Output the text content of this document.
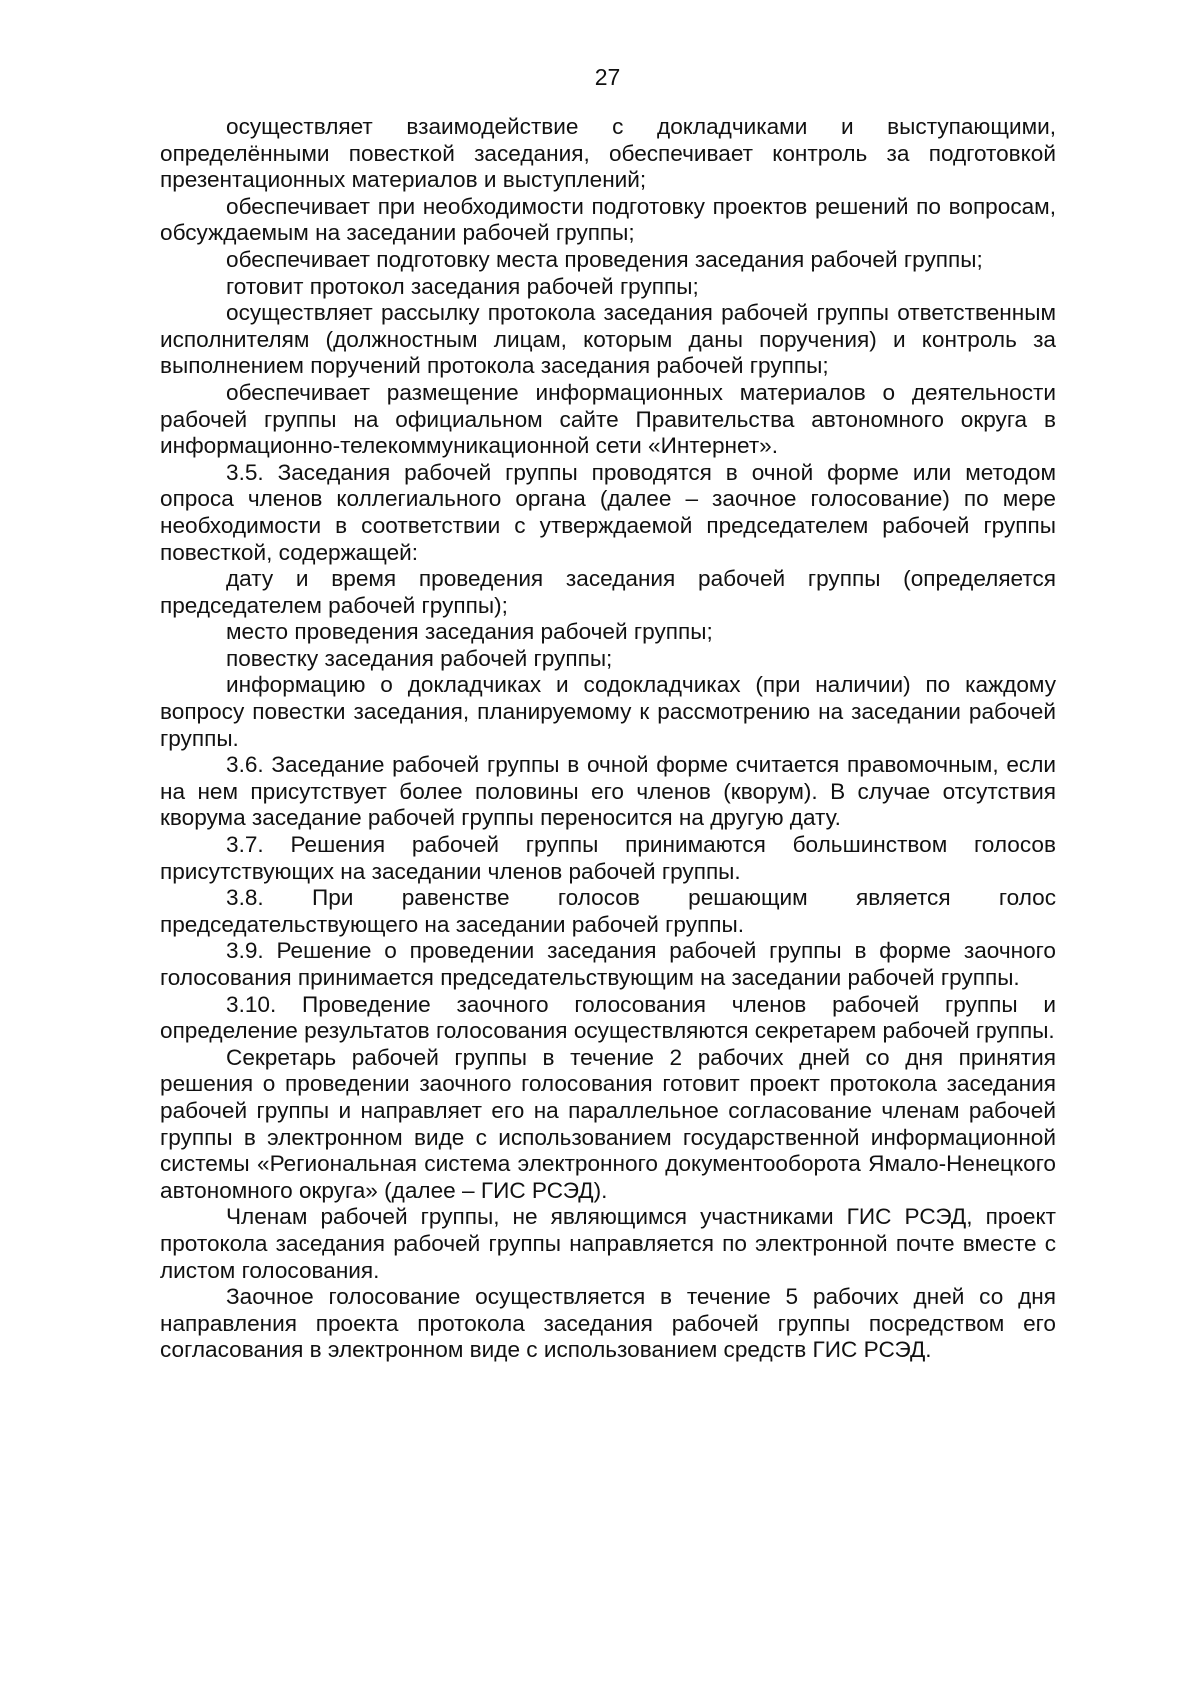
27

осуществляет взаимодействие с докладчиками и выступающими, определёнными повесткой заседания, обеспечивает контроль за подготовкой презентационных материалов и выступлений;

обеспечивает при необходимости подготовку проектов решений по вопросам, обсуждаемым на заседании рабочей группы;

обеспечивает подготовку места проведения заседания рабочей группы;

готовит протокол заседания рабочей группы;

осуществляет рассылку протокола заседания рабочей группы ответственным исполнителям (должностным лицам, которым даны поручения) и контроль за выполнением поручений протокола заседания рабочей группы;

обеспечивает размещение информационных материалов о деятельности рабочей группы на официальном сайте Правительства автономного округа в информационно-телекоммуникационной сети «Интернет».

3.5. Заседания рабочей группы проводятся в очной форме или методом опроса членов коллегиального органа (далее – заочное голосование) по мере необходимости в соответствии с утверждаемой председателем рабочей группы повесткой, содержащей:

дату и время проведения заседания рабочей группы (определяется председателем рабочей группы);

место проведения заседания рабочей группы;

повестку заседания рабочей группы;

информацию о докладчиках и содокладчиках (при наличии) по каждому вопросу повестки заседания, планируемому к рассмотрению на заседании рабочей группы.

3.6. Заседание рабочей группы в очной форме считается правомочным, если на нем присутствует более половины его членов (кворум). В случае отсутствия кворума заседание рабочей группы переносится на другую дату.

3.7. Решения рабочей группы принимаются большинством голосов присутствующих на заседании членов рабочей группы.

3.8. При равенстве голосов решающим является голос председательствующего на заседании рабочей группы.

3.9. Решение о проведении заседания рабочей группы в форме заочного голосования принимается председательствующим на заседании рабочей группы.

3.10. Проведение заочного голосования членов рабочей группы и определение результатов голосования осуществляются секретарем рабочей группы.

Секретарь рабочей группы в течение 2 рабочих дней со дня принятия решения о проведении заочного голосования готовит проект протокола заседания рабочей группы и направляет его на параллельное согласование членам рабочей группы в электронном виде с использованием государственной информационной системы «Региональная система электронного документооборота Ямало-Ненецкого автономного округа» (далее – ГИС РСЭД).

Членам рабочей группы, не являющимся участниками ГИС РСЭД, проект протокола заседания рабочей группы направляется по электронной почте вместе с листом голосования.

Заочное голосование осуществляется в течение 5 рабочих дней со дня направления проекта протокола заседания рабочей группы посредством его согласования в электронном виде с использованием средств ГИС РСЭД.
